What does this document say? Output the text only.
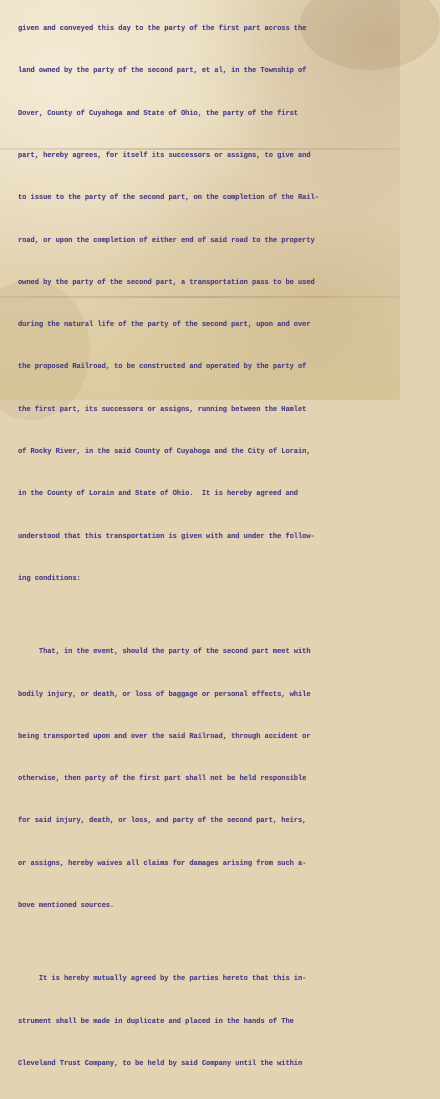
given and conveyed this day to the party of the first part across the

land owned by the party of the second part, et al, in the Township of

Dover, County of Cuyahoga and State of Ohio, the party of the first

part, hereby agrees, for itself its successors or assigns, to give and

to issue to the party of the second part, on the completion of the Rail-

road, or upon the completion of either end of said road to the property

owned by the party of the second part, a transportation pass to be used

during the natural life of the party of the second part, upon and over

the proposed Railroad, to be constructed and operated by the party of

the first part, its successors or assigns, running between the Hamlet

of Rocky River, in the said County of Cuyahoga and the City of Lorain,

in the County of Lorain and State of Ohio.  It is hereby agreed and

understood that this transportation is given with and under the follow-

ing conditions:

That, in the event, should the party of the second part meet with

bodily injury, or death, or loss of baggage or personal effects, while

being transported upon and over the said Railroad, through accident or

otherwise, then party of the first part shall not be held responsible

for said injury, death, or loss, and party of the second part, heirs,

or assigns, hereby waives all claims for damages arising from such a-

bove mentioned sources.

It is hereby mutually agreed by the parties hereto that this in-

strument shall be made in duplicate and placed in the hands of The

Cleveland Trust Company, to be held by said Company until the within
